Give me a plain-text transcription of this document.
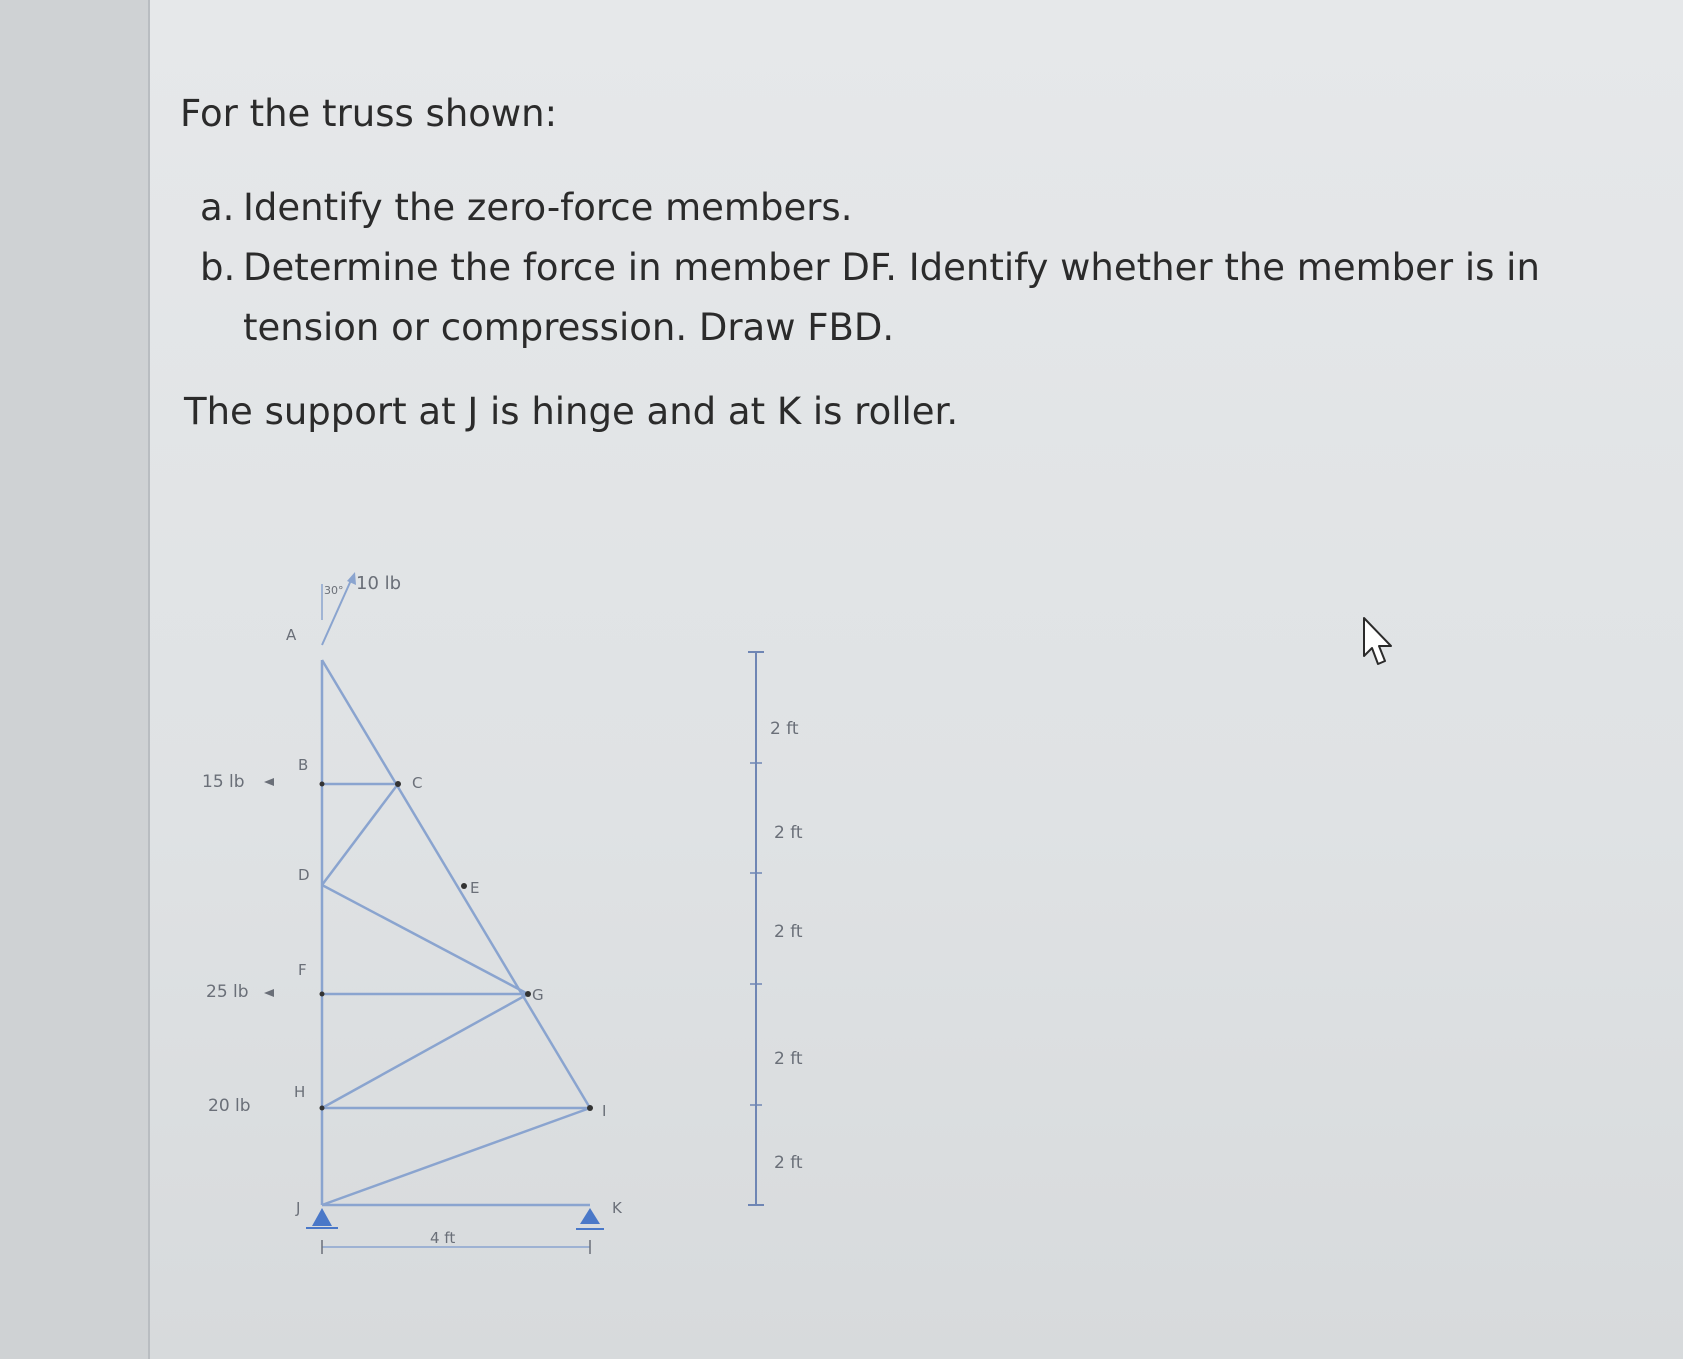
For the truss shown:
a. Identify the zero-force members.
b. Determine the force in member DF. Identify whether the member is in tension or compression. Draw FBD.

The support at J is hinge and at K is roller.

A
B
C
D
E
F
G
H
I
J	K
30° 10 lb
15 lb
25 lb
20 lb
4 ft
2 ft
2 ft
2 ft
2 ft
2 ft
